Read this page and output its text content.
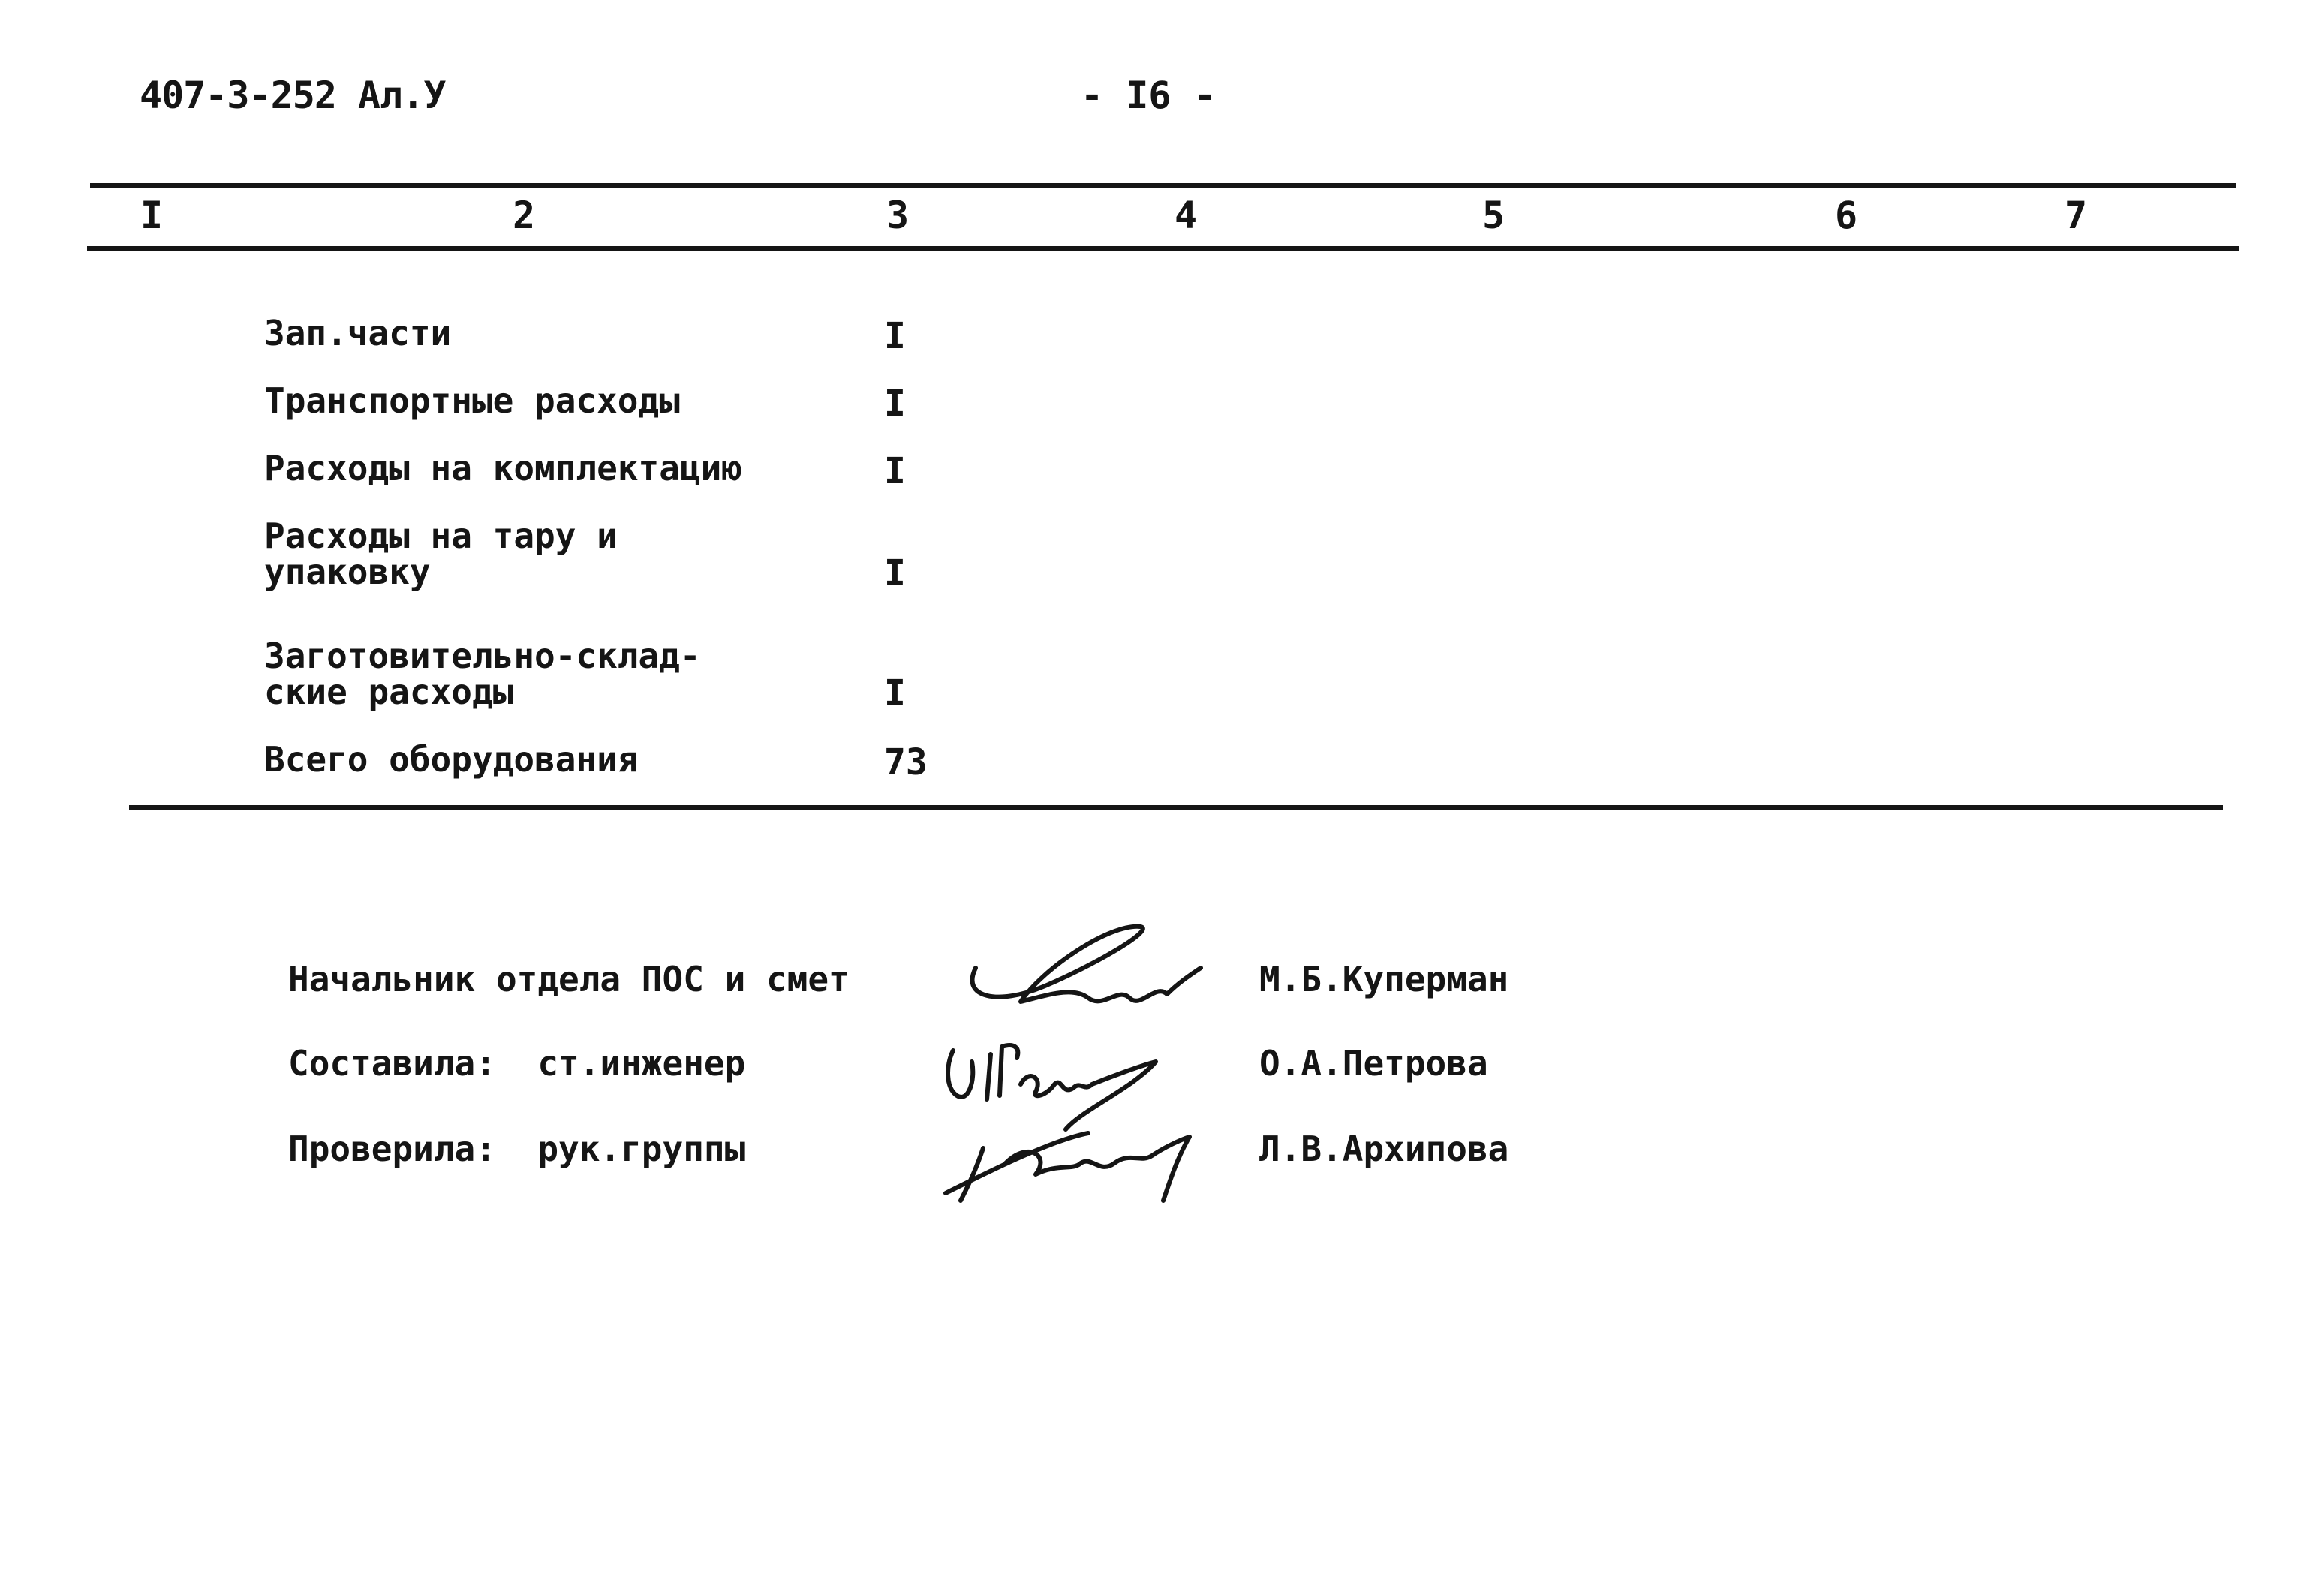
407-3-252 Ал.У	- I6 -
I	2	3	4	5	6	7
Зап.части	I
Транспортные расходы	I
Расходы на комплектацию	I
Расходы на тару и
упаковку	I
Заготовительно-склад-
ские расходы	I
Всего оборудования	73
Начальник отдела ПОС и смет	М.Б.Куперман
Составила:  ст.инженер	О.А.Петрова
Проверила:  рук.группы	Л.В.Архипова
